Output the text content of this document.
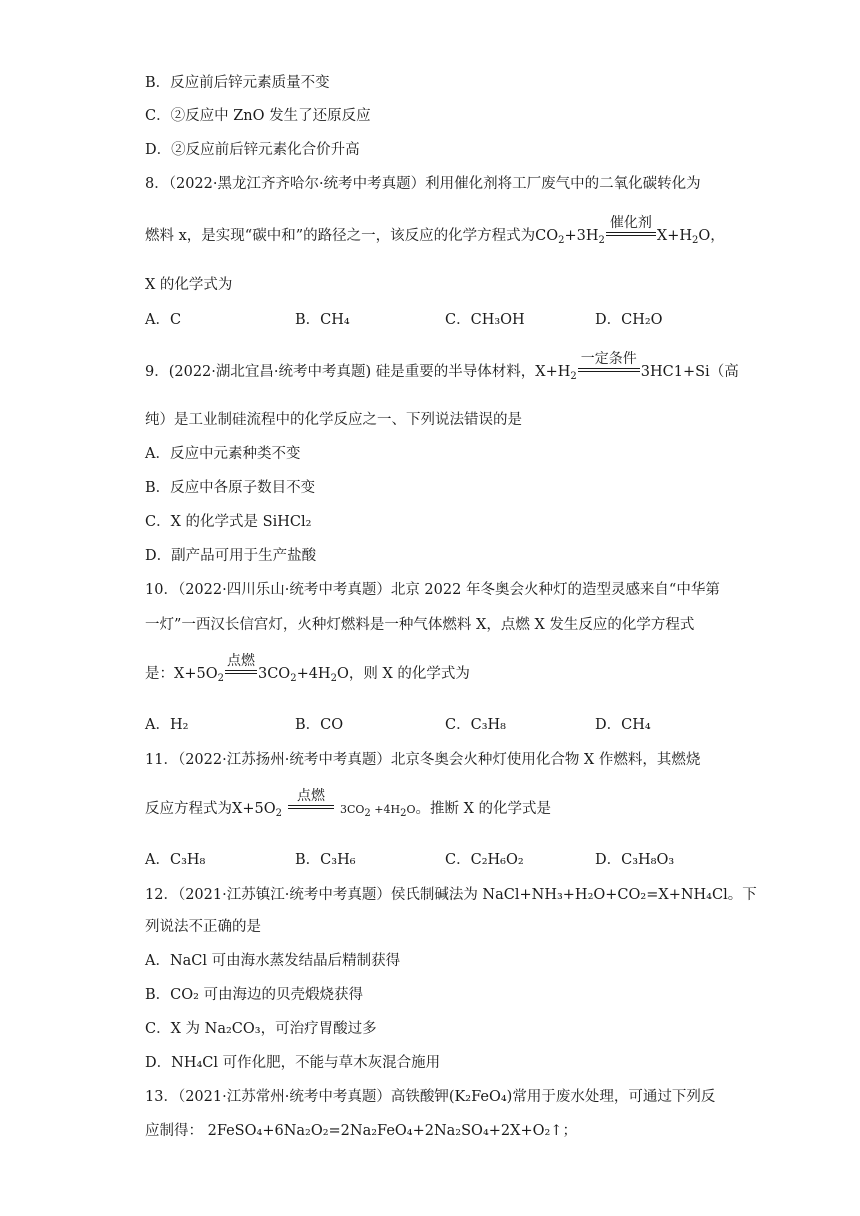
B．反应前后锌元素质量不变
C．②反应中 ZnO 发生了还原反应
D．②反应前后锌元素化合价升高
8．（2022·黑龙江齐齐哈尔·统考中考真题）利用催化剂将工厂废气中的二氧化碳转化为
燃料 x，是实现“碳中和”的路径之一，该反应的化学方程式为$CO_2+3H_2$
催化剂
$X+H_2O$，
X 的化学式为
A．C	B．CH₄	C．CH₃OH	D．CH₂O
9．(2022·湖北宜昌·统考中考真题) 硅是重要的半导体材料，$X+H_2$
一定条件
3HC1+Si（高
纯）是工业制硅流程中的化学反应之一、下列说法错误的是
A．反应中元素种类不变
B．反应中各原子数目不变
C．X 的化学式是 SiHCl₂
D．副产品可用于生产盐酸
10．（2022·四川乐山·统考中考真题）北京 2022 年冬奥会火种灯的造型灵感来自“中华第
一灯”一西汉长信宫灯，火种灯燃料是一种气体燃料 X，点燃 X 发生反应的化学方程式
是：$X+5O_2$
点燃
$3CO_2+4H_2O$，则 X 的化学式为
A．H₂	B．CO	C．C₃H₈	D．CH₄
11．（2022·江苏扬州·统考中考真题）北京冬奥会火种灯使用化合物 X 作燃料，其燃烧
反应方程式为$X+5O_2$
点燃
$3CO_2 +4H_2O$。推断 X 的化学式是
A．C₃H₈	B．C₃H₆	C．C₂H₆O₂	D．C₃H₈O₃
12．（2021·江苏镇江·统考中考真题）侯氏制碱法为 NaCl+NH₃+H₂O+CO₂=X+NH₄Cl。下
列说法不正确的是
A．NaCl 可由海水蒸发结晶后精制获得
B．CO₂ 可由海边的贝壳煅烧获得
C．X 为 Na₂CO₃，可治疗胃酸过多
D．NH₄Cl 可作化肥，不能与草木灰混合施用
13．（2021·江苏常州·统考中考真题）高铁酸钾(K₂FeO₄)常用于废水处理，可通过下列反
应制得： 2FeSO₄+6Na₂O₂=2Na₂FeO₄+2Na₂SO₄+2X+O₂↑；
